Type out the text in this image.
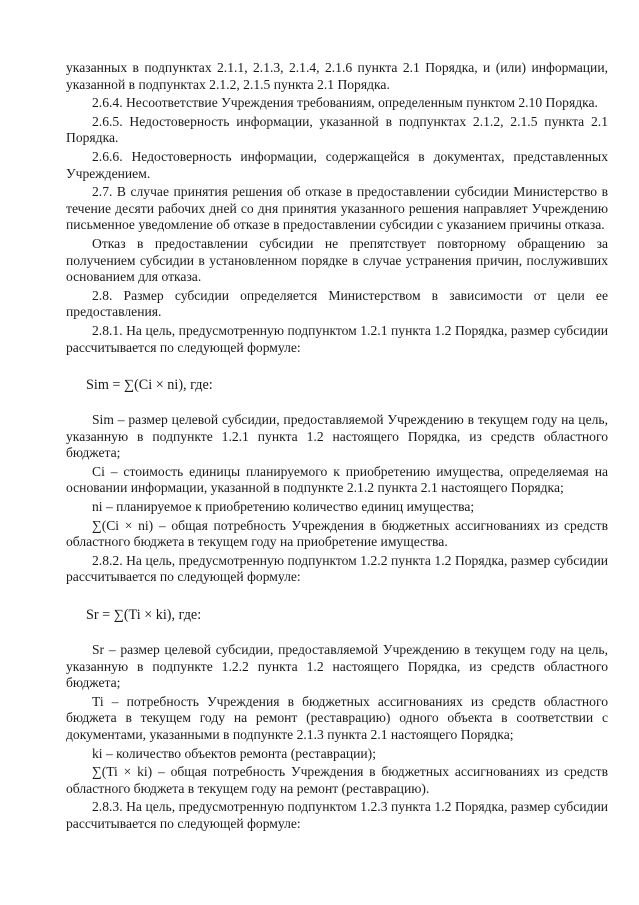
указанных в подпунктах 2.1.1, 2.1.3, 2.1.4, 2.1.6 пункта 2.1 Порядка, и (или) информации, указанной в подпунктах 2.1.2, 2.1.5 пункта 2.1 Порядка.

2.6.4. Несоответствие Учреждения требованиям, определенным пунктом 2.10 Порядка.

2.6.5. Недостоверность информации, указанной в подпунктах 2.1.2, 2.1.5 пункта 2.1 Порядка.

2.6.6. Недостоверность информации, содержащейся в документах, представленных Учреждением.

2.7. В случае принятия решения об отказе в предоставлении субсидии Министерство в течение десяти рабочих дней со дня принятия указанного решения направляет Учреждению письменное уведомление об отказе в предоставлении субсидии с указанием причины отказа.

Отказ в предоставлении субсидии не препятствует повторному обращению за получением субсидии в установленном порядке в случае устранения причин, послуживших основанием для отказа.

2.8. Размер субсидии определяется Министерством в зависимости от цели ее предоставления.

2.8.1. На цель, предусмотренную подпунктом 1.2.1 пункта 1.2 Порядка, размер субсидии рассчитывается по следующей формуле:

Sim = ∑(Ci × ni), где:

Sim – размер целевой субсидии, предоставляемой Учреждению в текущем году на цель, указанную в подпункте 1.2.1 пункта 1.2 настоящего Порядка, из средств областного бюджета;

Ci – стоимость единицы планируемого к приобретению имущества, определяемая на основании информации, указанной в подпункте 2.1.2 пункта 2.1 настоящего Порядка;

ni – планируемое к приобретению количество единиц имущества;

∑(Ci × ni) – общая потребность Учреждения в бюджетных ассигнованиях из средств областного бюджета в текущем году на приобретение имущества.

2.8.2. На цель, предусмотренную подпунктом 1.2.2 пункта 1.2 Порядка, размер субсидии рассчитывается по следующей формуле:

Sr = ∑(Ti × ki), где:

Sr – размер целевой субсидии, предоставляемой Учреждению в текущем году на цель, указанную в подпункте 1.2.2 пункта 1.2 настоящего Порядка, из средств областного бюджета;

Ti – потребность Учреждения в бюджетных ассигнованиях из средств областного бюджета в текущем году на ремонт (реставрацию) одного объекта в соответствии с документами, указанными в подпункте 2.1.3 пункта 2.1 настоящего Порядка;

ki – количество объектов ремонта (реставрации);

∑(Ti × ki) – общая потребность Учреждения в бюджетных ассигнованиях из средств областного бюджета в текущем году на ремонт (реставрацию).

2.8.3. На цель, предусмотренную подпунктом 1.2.3 пункта 1.2 Порядка, размер субсидии рассчитывается по следующей формуле:
